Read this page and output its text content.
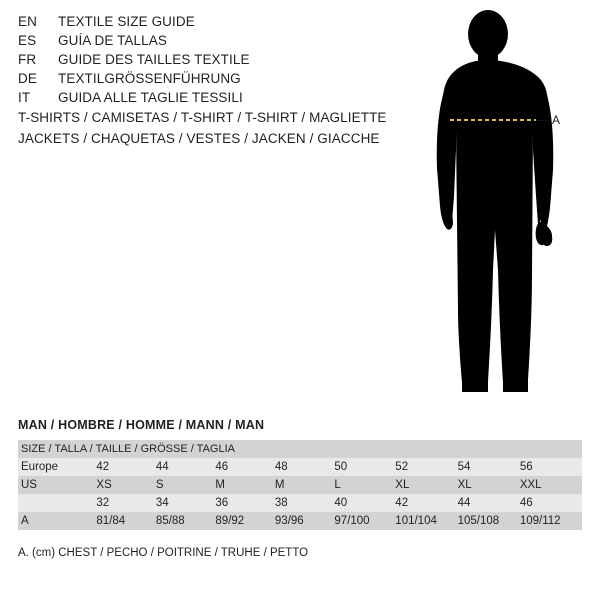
EN	TEXTILE SIZE GUIDE
ES	GUÍA DE TALLAS
FR	GUIDE DES TAILLES TEXTILE
DE	TEXTILGRÖSSENFÜHRUNG
IT	GUIDA ALLE TAGLIE TESSILI
T-SHIRTS / CAMISETAS / T-SHIRT / T-SHIRT / MAGLIETTE
JACKETS / CHAQUETAS / VESTES / JACKEN / GIACCHE
A
MAN / HOMBRE / HOMME / MANN / MAN
SIZE / TALLA / TAILLE / GRÖSSE / TAGLIA								
Europe	42	44	46	48	50	52	54	56
US	XS	S	M	M	L	XL	XL	XXL
	32	34	36	38	40	42	44	46
A	81/84	85/88	89/92	93/96	97/100	101/104	105/108	109/112
A. (cm) CHEST / PECHO / POITRINE / TRUHE / PETTO
